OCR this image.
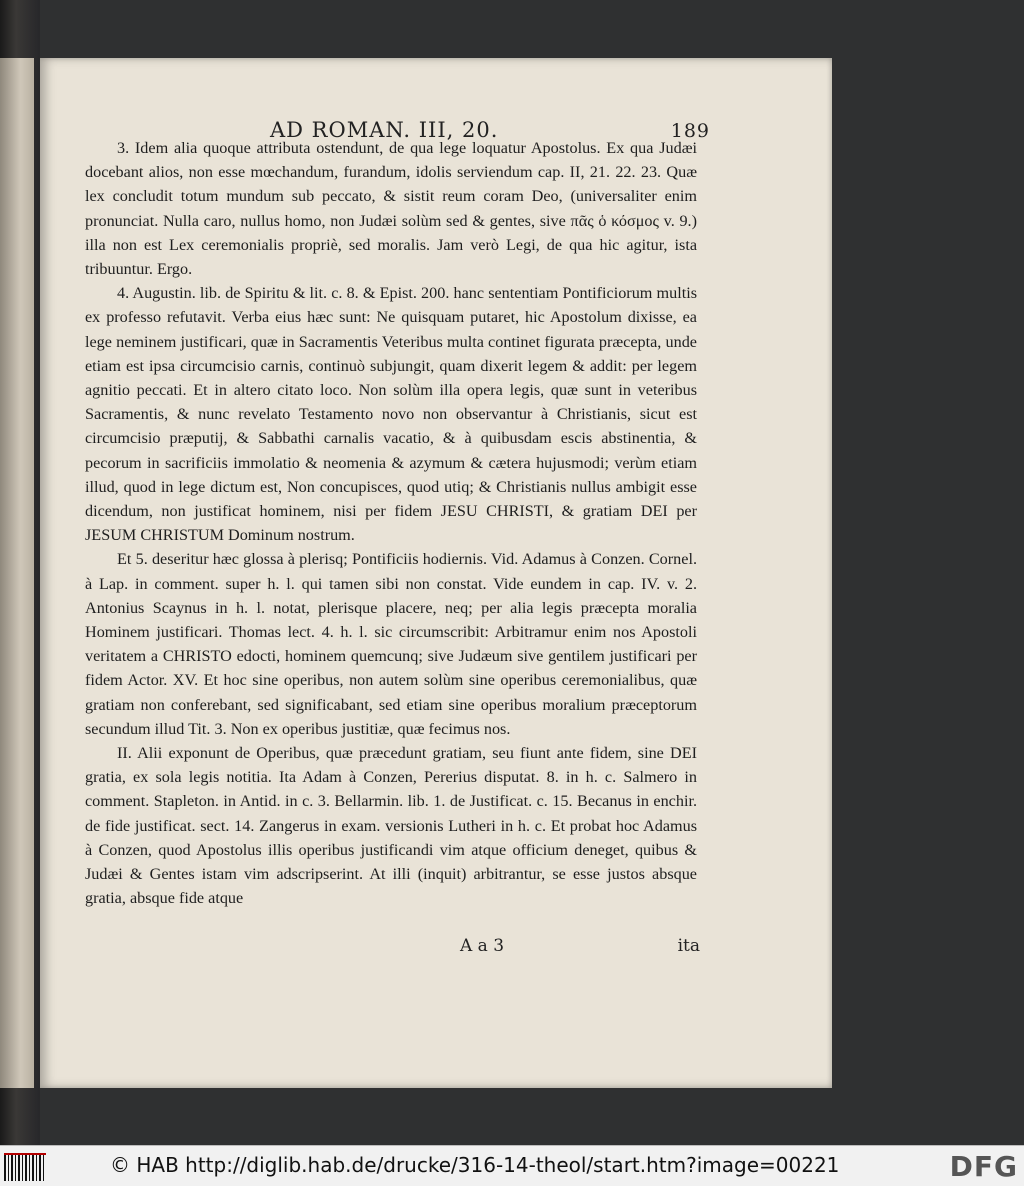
AD ROMAN. III, 20.	189

3. Idem alia quoque attributa ostendunt, de qua lege loquatur Apostolus. Ex qua Judæi docebant alios, non esse mœchandum, furandum, idolis serviendum cap. II, 21. 22. 23. Quæ lex concludit totum mundum sub peccato, & sistit reum coram Deo, (universaliter enim pronunciat. Nulla caro, nullus homo, non Judæi solùm sed & gentes, sive πᾶς ὁ κόσμος v. 9.) illa non est Lex ceremonialis propriè, sed moralis. Jam verò Legi, de qua hic agitur, ista tribuuntur. Ergo.

4. Augustin. lib. de Spiritu & lit. c. 8. & Epist. 200. hanc sententiam Pontificiorum multis ex professo refutavit. Verba eius hæc sunt: Ne quisquam putaret, hic Apostolum dixisse, ea lege neminem justificari, quæ in Sacramentis Veteribus multa continet figurata præcepta, unde etiam est ipsa circumcisio carnis, continuò subjungit, quam dixerit legem & addit: per legem agnitio peccati. Et in altero citato loco. Non solùm illa opera legis, quæ sunt in veteribus Sacramentis, & nunc revelato Testamento novo non observantur à Christianis, sicut est circumcisio præputij, & Sabbathi carnalis vacatio, & à quibusdam escis abstinentia, & pecorum in sacrificiis immolatio & neomenia & azymum & cætera hujusmodi; verùm etiam illud, quod in lege dictum est, Non concupisces, quod utiq; & Christianis nullus ambigit esse dicendum, non justificat hominem, nisi per fidem JESU CHRISTI, & gratiam DEI per JESUM CHRISTUM Dominum nostrum.

Et 5. deseritur hæc glossa à plerisq; Pontificiis hodiernis. Vid. Adamus à Conzen. Cornel. à Lap. in comment. super h. l. qui tamen sibi non constat. Vide eundem in cap. IV. v. 2. Antonius Scaynus in h. l. notat, plerisque placere, neq; per alia legis præcepta moralia Hominem justificari. Thomas lect. 4. h. l. sic circumscribit: Arbitramur enim nos Apostoli veritatem a CHRISTO edocti, hominem quemcunq; sive Judæum sive gentilem justificari per fidem Actor. XV. Et hoc sine operibus, non autem solùm sine operibus ceremonialibus, quæ gratiam non conferebant, sed significabant, sed etiam sine operibus moralium præceptorum secundum illud Tit. 3. Non ex operibus justitiæ, quæ fecimus nos.

II. Alii exponunt de Operibus, quæ præcedunt gratiam, seu fiunt ante fidem, sine DEI gratia, ex sola legis notitia. Ita Adam à Conzen, Pererius disputat. 8. in h. c. Salmero in comment. Stapleton. in Antid. in c. 3. Bellarmin. lib. 1. de Justificat. c. 15. Becanus in enchir. de fide justificat. sect. 14. Zangerus in exam. versionis Lutheri in h. c. Et probat hoc Adamus à Conzen, quod Apostolus illis operibus justificandi vim atque officium deneget, quibus & Judæi & Gentes istam vim adscripserint. At illi (inquit) arbitrantur, se esse justos absque gratia, absque fide atque

A a 3	ita
© HAB http://diglib.hab.de/drucke/316-14-theol/start.htm?image=00221	DFG
